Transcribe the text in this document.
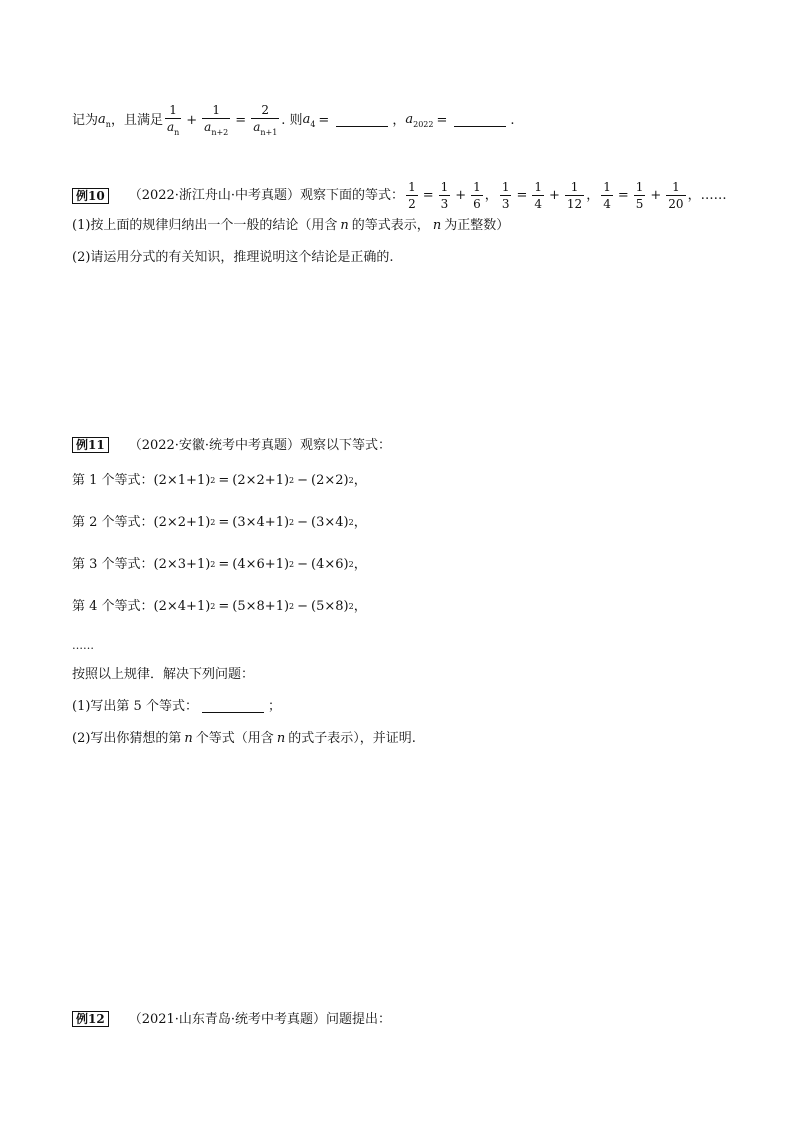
记为 $a_n$ ，且满足 $\frac{1}{a_n} + \frac{1}{a_{n+2}} = \frac{2}{a_{n+1}}$ . 则 $a_4$ =	， $a_{2022}$ =	.
例10	（2022·浙江舟山·中考真题）观察下面的等式： $\frac{1}{2} = \frac{1}{3} + \frac{1}{6}$ ， $\frac{1}{3} = \frac{1}{4} + \frac{1}{12}$ ， $\frac{1}{4} = \frac{1}{5} + \frac{1}{20}$ ， ……
(1)按上面的规律归纳出一个一般的结论（用含 n 的等式表示， n 为正整数）
(2)请运用分式的有关知识，推理说明这个结论是正确的.
例11	（2022·安徽·统考中考真题）观察以下等式：
第 1 个等式： (2×1+1) 2 = (2×2+1) 2 − (2×2) 2 ，
第 2 个等式： (2×2+1) 2 = (3×4+1) 2 − (3×4) 2 ，
第 3 个等式： (2×3+1) 2 = (4×6+1) 2 − (4×6) 2 ，
第 4 个等式： (2×4+1) 2 = (5×8+1) 2 − (5×8) 2 ，
……
按照以上规律．解决下列问题：
(1)写出第 5 个等式：	；
(2)写出你猜想的第 n 个等式（用含 n 的式子表示），并证明.
例12	（2021·山东青岛·统考中考真题）问题提出：
